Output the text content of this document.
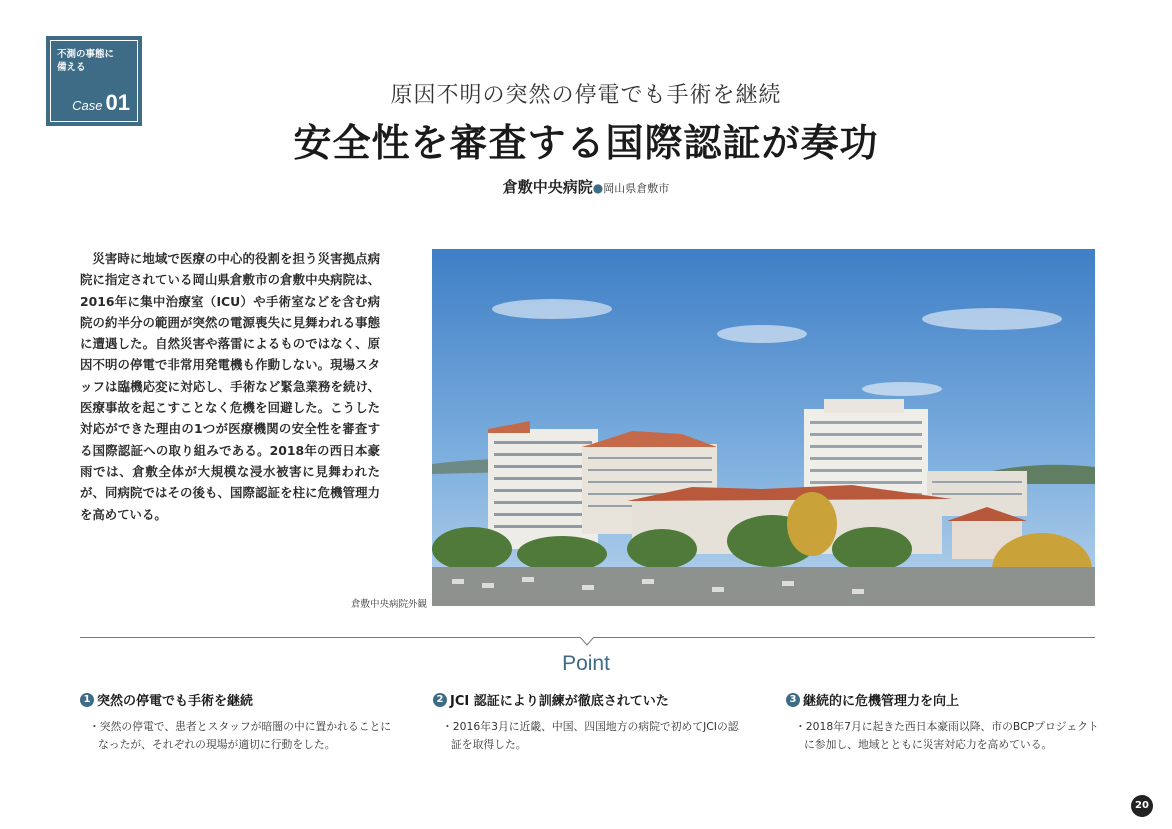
不測の事態に
備える
Case 01	原因不明の突然の停電でも手術を継続
安全性を審査する国際認証が奏功
倉敷中央病院●岡山県倉敷市

災害時に地域で医療の中心的役割を担う災害拠点病院に指定されている岡山県倉敷市の倉敷中央病院は、2016年に集中治療室（ICU）や手術室などを含む病院の約半分の範囲が突然の電源喪失に見舞われる事態に遭遇した。自然災害や落雷によるものではなく、原因不明の停電で非常用発電機も作動しない。現場スタッフは臨機応変に対応し、手術など緊急業務を続け、医療事故を起こすことなく危機を回避した。こうした対応ができた理由の1つが医療機関の安全性を審査する国際認証への取り組みである。2018年の西日本豪雨では、倉敷全体が大規模な浸水被害に見舞われたが、同病院ではその後も、国際認証を柱に危機管理力を高めている。

倉敷中央病院外観
Point
1 突然の停電でも手術を継続
・突然の停電で、患者とスタッフが暗闇の中に置かれることになったが、それぞれの現場が適切に行動をした。
2 JCI 認証により訓練が徹底されていた
・2016年3月に近畿、中国、四国地方の病院で初めてJCIの認証を取得した。
3 継続的に危機管理力を向上
・2018年7月に起きた西日本豪雨以降、市のBCPプロジェクトに参加し、地域とともに災害対応力を高めている。
20
